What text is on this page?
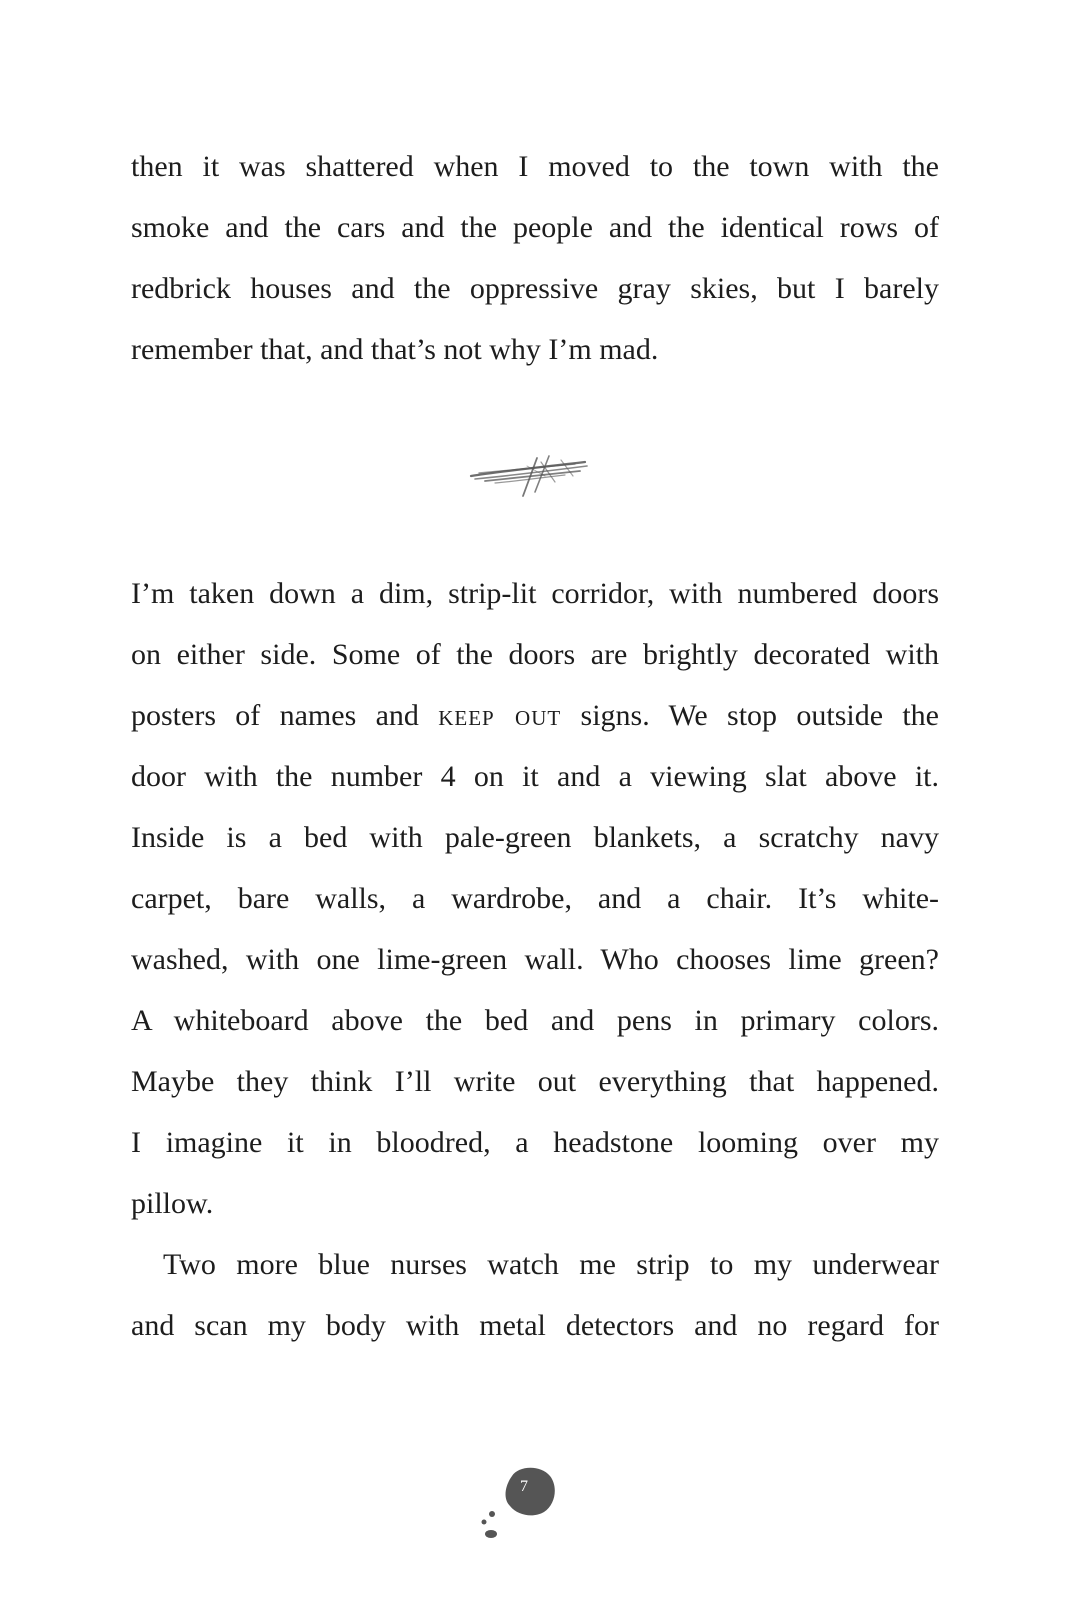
then it was shattered when I moved to the town with the
smoke and the cars and the people and the identical rows of
redbrick houses and the oppressive gray skies, but I barely
remember that, and that’s not why I’m mad.

I’m taken down a dim, strip-lit corridor, with numbered doors
on either side. Some of the doors are brightly decorated with
posters of names and keep out signs. We stop outside the
door with the number 4 on it and a viewing slat above it.
Inside is a bed with pale-green blankets, a scratchy navy
carpet, bare walls, a wardrobe, and a chair. It’s white-
washed, with one lime-green wall. Who chooses lime green?
A whiteboard above the bed and pens in primary colors.
Maybe they think I’ll write out everything that happened.
I imagine it in bloodred, a headstone looming over my
pillow.

Two more blue nurses watch me strip to my underwear
and scan my body with metal detectors and no regard for

7
